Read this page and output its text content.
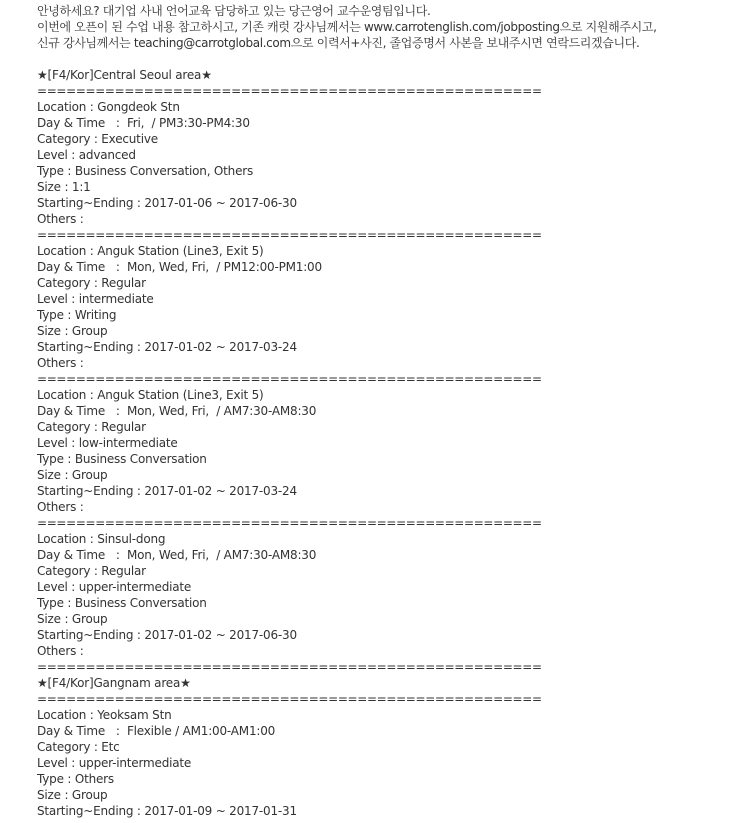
안녕하세요? 대기업 사내 언어교육 담당하고 있는 당근영어 교수운영팀입니다.
이번에 오픈이 된 수업 내용 참고하시고, 기존 캐럿 강사님께서는 www.carrotenglish.com/jobposting으로 지원해주시고,
신규 강사님께서는 teaching@carrotglobal.com으로 이력서+사진, 졸업증명서 사본을 보내주시면 연락드리겠습니다.
★[F4/Kor]Central Seoul area★
====================================================
Location : Gongdeok Stn
Day & Time   :  Fri,  / PM3:30-PM4:30
Category : Executive
Level : advanced
Type : Business Conversation, Others
Size : 1:1
Starting~Ending : 2017-01-06 ~ 2017-06-30
Others :
====================================================
Location : Anguk Station (Line3, Exit 5)
Day & Time   :  Mon, Wed, Fri,  / PM12:00-PM1:00
Category : Regular
Level : intermediate
Type : Writing
Size : Group
Starting~Ending : 2017-01-02 ~ 2017-03-24
Others :
====================================================
Location : Anguk Station (Line3, Exit 5)
Day & Time   :  Mon, Wed, Fri,  / AM7:30-AM8:30
Category : Regular
Level : low-intermediate
Type : Business Conversation
Size : Group
Starting~Ending : 2017-01-02 ~ 2017-03-24
Others :
====================================================
Location : Sinsul-dong
Day & Time   :  Mon, Wed, Fri,  / AM7:30-AM8:30
Category : Regular
Level : upper-intermediate
Type : Business Conversation
Size : Group
Starting~Ending : 2017-01-02 ~ 2017-06-30
Others :
====================================================
★[F4/Kor]Gangnam area★
====================================================
Location : Yeoksam Stn
Day & Time   :  Flexible / AM1:00-AM1:00
Category : Etc
Level : upper-intermediate
Type : Others
Size : Group
Starting~Ending : 2017-01-09 ~ 2017-01-31
